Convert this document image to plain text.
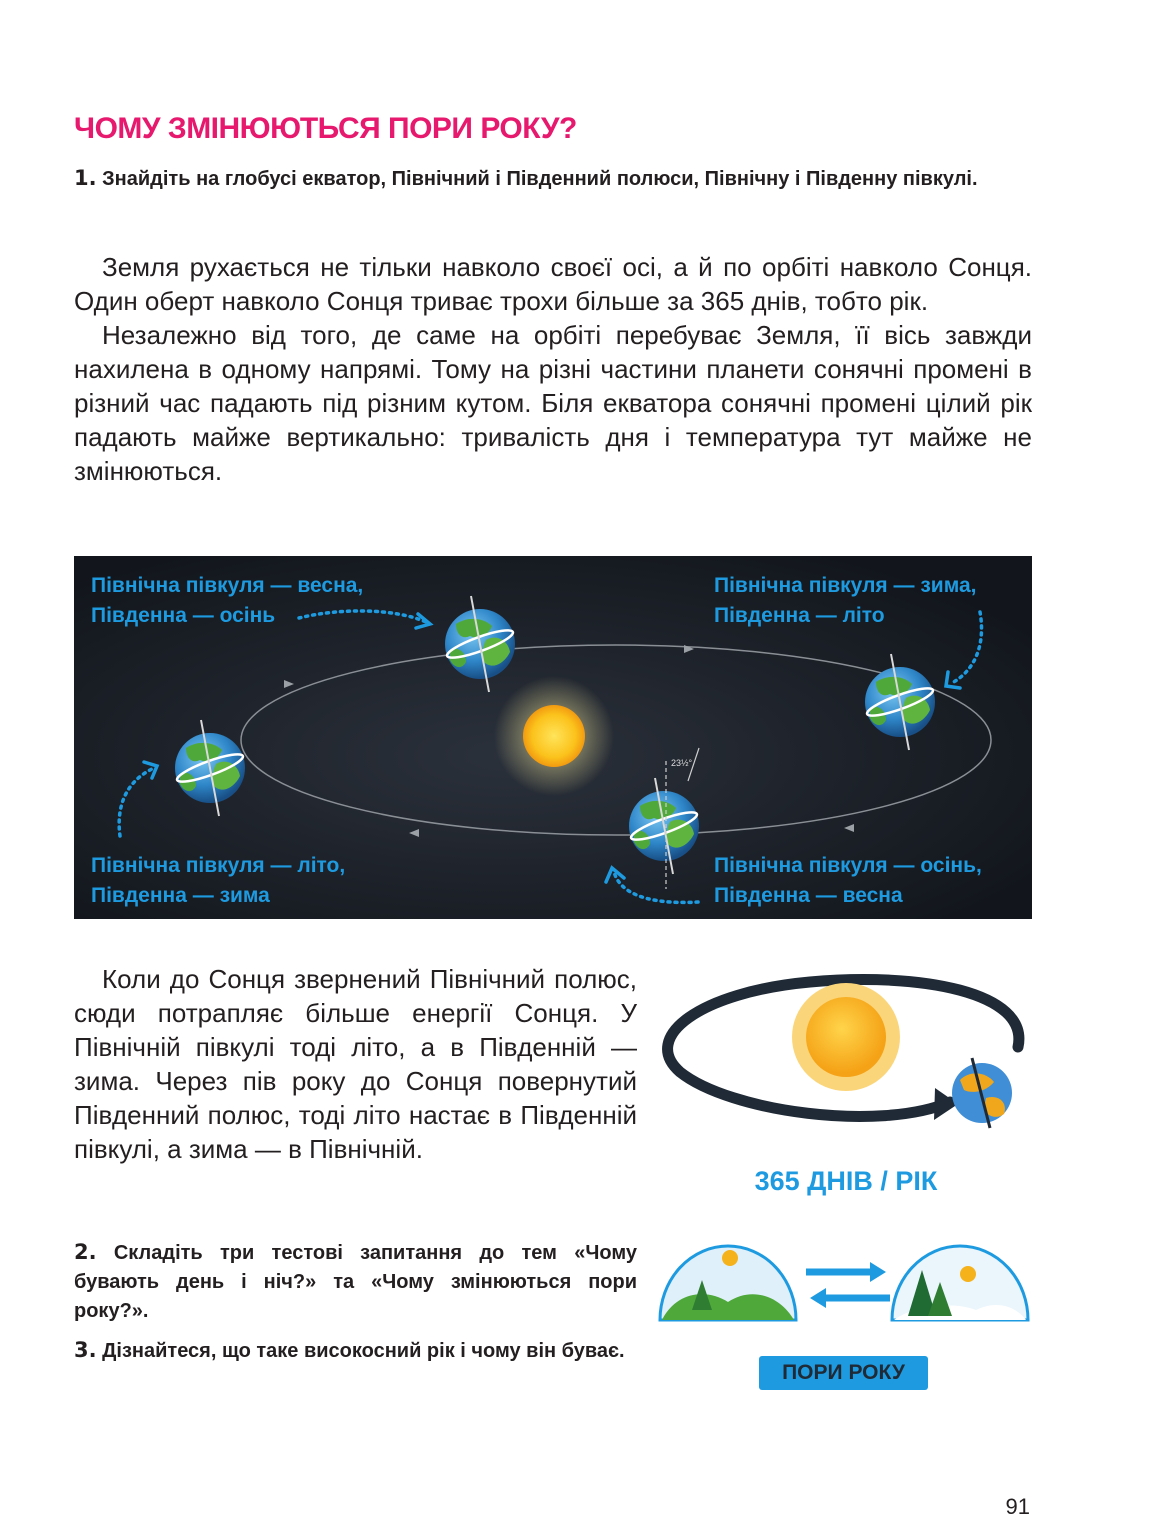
ЧОМУ ЗМІНЮЮТЬСЯ ПОРИ РОКУ?
1. Знайдіть на глобусі екватор, Північний і Південний полюси, Північну і Південну півкулі.

Земля рухається не тільки навколо своєї осі, а й по орбіті навколо Сонця. Один оберт навколо Сонця триває трохи більше за 365 днів, тобто рік.

Незалежно від того, де саме на орбіті перебуває Земля, її вісь завжди нахилена в одному напрямі. Тому на різні частини планети сонячні промені в різний час падають під різним кутом. Біля екватора сонячні промені цілий рік падають майже вертикально: тривалість дня і температура тут майже не змінюються.

23½°
Північна півкуля — весна,
Південна — осінь
Північна півкуля — зима,
Південна — літо
Північна півкуля — літо,
Південна — зима
Північна півкуля — осінь,
Південна — весна

Коли до Сонця звернений Північний полюс, сюди потрапляє більше енергії Сонця. У Північній півкулі тоді літо, а в Південній — зима. Через пів року до Сонця повернутий Південний полюс, тоді літо настає в Південній півкулі, а зима — в Північній.

2. Складіть три тестові запитання до тем «Чому бувають день і ніч?» та «Чому змінюються пори року?».
3. Дізнайтеся, що таке високосний рік і чому він буває.
365 ДНІВ / РІК
ПОРИ РОКУ
91
